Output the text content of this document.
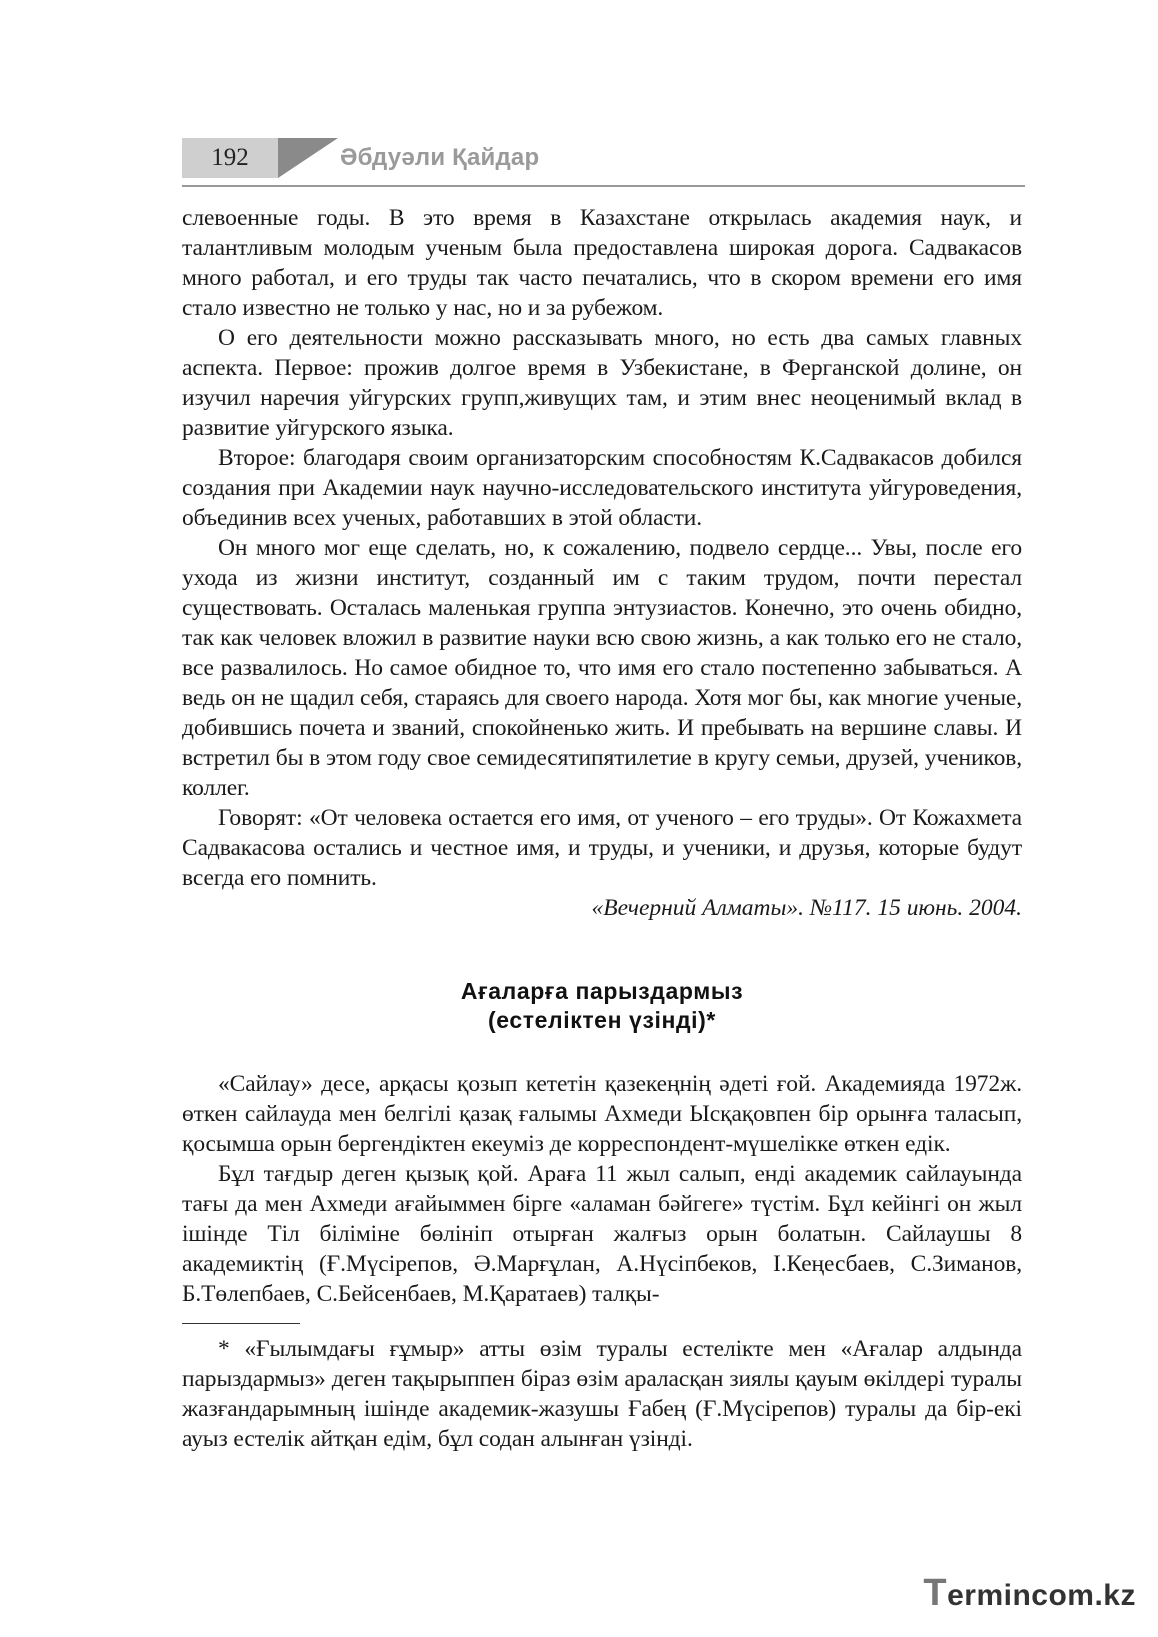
192	Әбдуәли Қайдар

слевоенные годы. В это время в Казахстане открылась академия наук, и талантливым молодым ученым была предоставлена широкая дорога. Садвакасов много работал, и его труды так часто печатались, что в скором времени его имя стало известно не только у нас, но и за рубежом.

О его деятельности можно рассказывать много, но есть два самых главных аспекта. Первое: прожив долгое время в Узбекистане, в Ферганской долине, он изучил наречия уйгурских групп,живущих там, и этим внес неоценимый вклад в развитие уйгурского языка.

Второе: благодаря своим организаторским способностям К.Садвакасов добился создания при Академии наук научно-исследовательского института уйгуроведения, объединив всех ученых, работавших в этой области.

Он много мог еще сделать, но, к сожалению, подвело сердце... Увы, после его ухода из жизни институт, созданный им с таким трудом, почти перестал существовать. Осталась маленькая группа энтузиастов. Конечно, это очень обидно, так как человек вложил в развитие науки всю свою жизнь, а как только его не стало, все развалилось. Но самое обидное то, что имя его стало постепенно забываться. А ведь он не щадил себя, стараясь для своего народа. Хотя мог бы, как многие ученые, добившись почета и званий, спокойненько жить. И пребывать на вершине славы. И встретил бы в этом году свое семидесятипятилетие в кругу семьи, друзей, учеников, коллег.

Говорят: «От человека остается его имя, от ученого – его труды». От Кожахмета Садвакасова остались и честное имя, и труды, и ученики, и друзья, которые будут всегда его помнить.

«Вечерний Алматы». №117. 15 июнь. 2004.
Ағаларға парыздармыз
(естеліктен үзінді)*

«Сайлау» десе, арқасы қозып кететін қазекеңнің әдеті ғой. Академияда 1972ж. өткен сайлауда мен белгілі қазақ ғалымы Ахмеди Ысқақовпен бір орынға таласып, қосымша орын бергендіктен екеуміз де корреспондент-мүшелікке өткен едік.

Бұл тағдыр деген қызық қой. Араға 11 жыл салып, енді академик сайлауында тағы да мен Ахмеди ағайыммен бірге «аламан бәйгеге» түстім. Бұл кейінгі он жыл ішінде Тіл біліміне бөлініп отырған жалғыз орын болатын. Сайлаушы 8 академиктің (Ғ.Мүсірепов, Ә.Марғұлан, А.Нүсіпбеков, І.Кеңесбаев, С.Зиманов, Б.Төлепбаев, С.Бейсенбаев, М.Қаратаев) талқы-

* «Ғылымдағы ғұмыр» атты өзім туралы естелікте мен «Ағалар алдында парыздармыз» деген тақырыппен біраз өзім араласқан зиялы қауым өкілдері туралы жазғандарымның ішінде академик-жазушы Ғабең (Ғ.Мүсірепов) туралы да бір-екі ауыз естелік айтқан едім, бұл содан алынған үзінді.

Termincom.kz
